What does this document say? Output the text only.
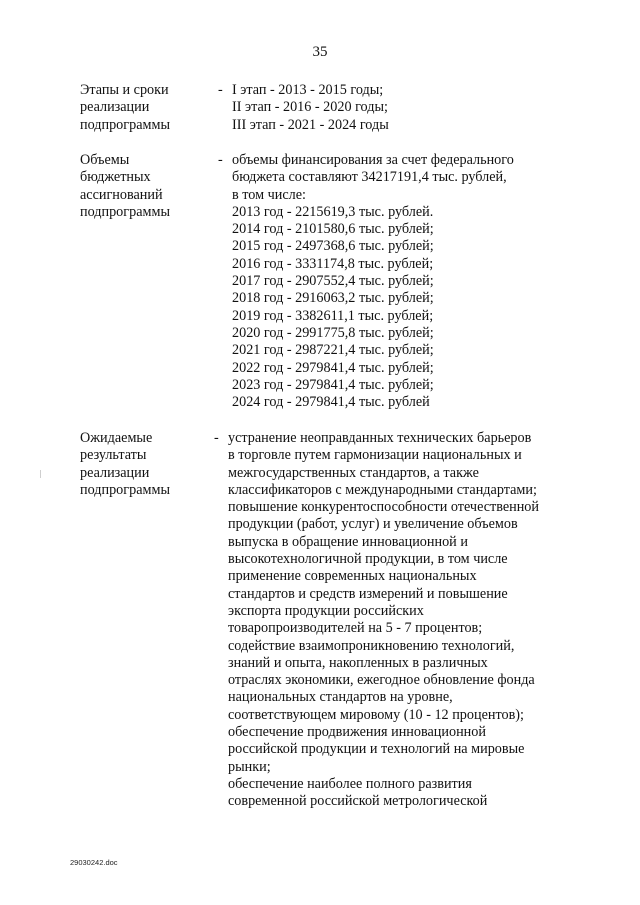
35
Этапы и сроки
реализации
подпрограммы
- I этап - 2013 - 2015 годы;
II этап - 2016 - 2020 годы;
III этап - 2021 - 2024 годы
Объемы
бюджетных
ассигнований
подпрограммы
- объемы финансирования за счет федерального
бюджета составляют 34217191,4 тыс. рублей,
в том числе:
2013 год - 2215619,3 тыс. рублей.
2014 год - 2101580,6 тыс. рублей;
2015 год - 2497368,6 тыс. рублей;
2016 год - 3331174,8 тыс. рублей;
2017 год - 2907552,4 тыс. рублей;
2018 год - 2916063,2 тыс. рублей;
2019 год - 3382611,1 тыс. рублей;
2020 год - 2991775,8 тыс. рублей;
2021 год - 2987221,4 тыс. рублей;
2022 год - 2979841,4 тыс. рублей;
2023 год - 2979841,4 тыс. рублей;
2024 год - 2979841,4 тыс. рублей
Ожидаемые
результаты
реализации
подпрограммы
- устранение неоправданных технических барьеров
в торговле путем гармонизации национальных и
межгосударственных стандартов, а также
классификаторов с международными стандартами;
повышение конкурентоспособности отечественной
продукции (работ, услуг) и увеличение объемов
выпуска в обращение инновационной и
высокотехнологичной продукции, в том числе
применение современных национальных
стандартов и средств измерений и повышение
экспорта продукции российских
товаропроизводителей на 5 - 7 процентов;
содействие взаимопроникновению технологий,
знаний и опыта, накопленных в различных
отраслях экономики, ежегодное обновление фонда
национальных стандартов на уровне,
соответствующем мировому (10 - 12 процентов);
обеспечение продвижения инновационной
российской продукции и технологий на мировые
рынки;
обеспечение наиболее полного развития
современной российской метрологической
29030242.doc
